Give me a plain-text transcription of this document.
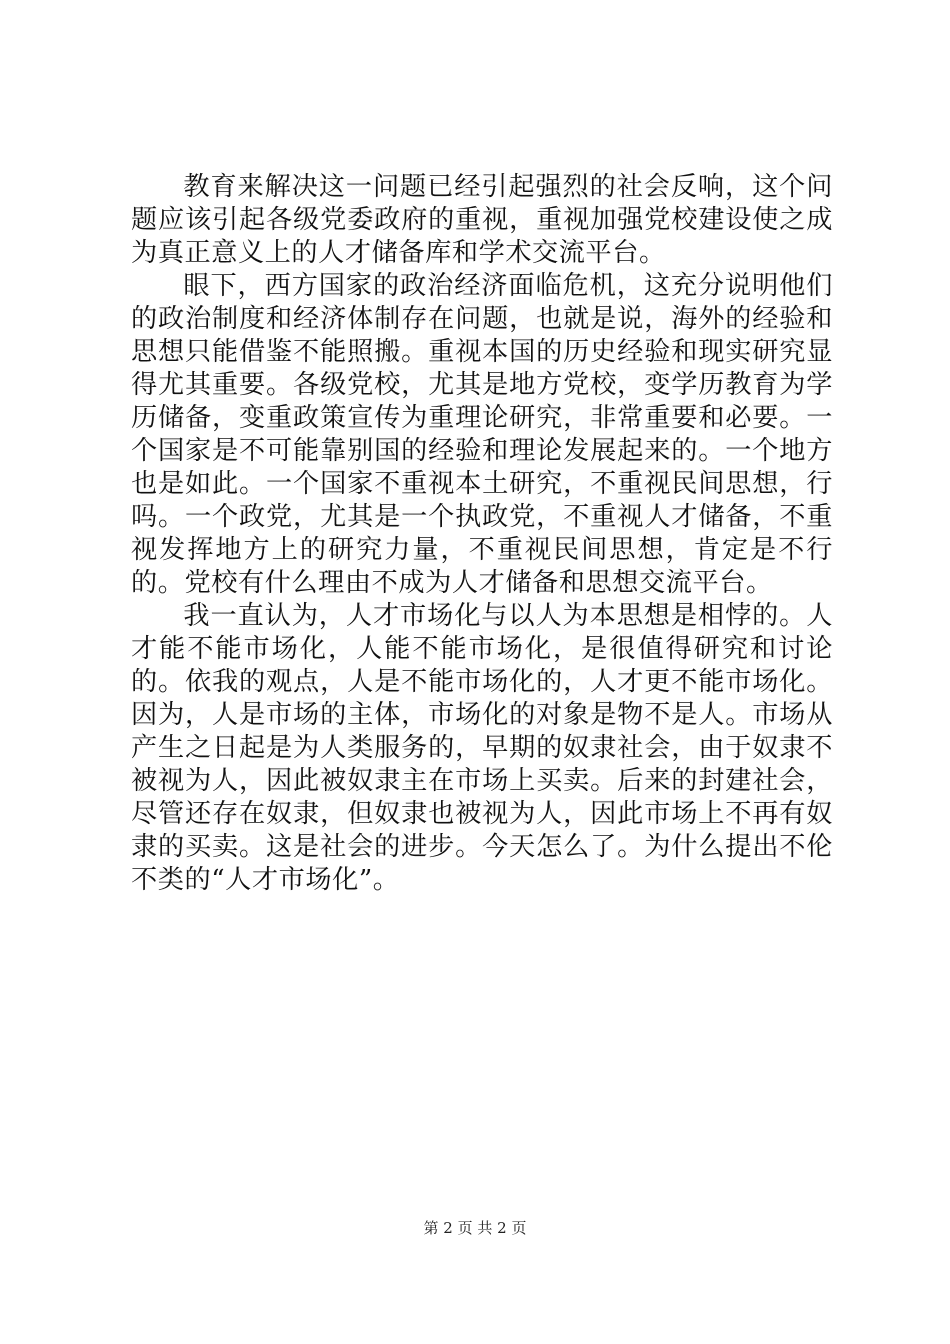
教育来解决这一问题已经引起强烈的社会反响，这个问题应该引起各级党委政府的重视，重视加强党校建设使之成为真正意义上的人才储备库和学术交流平台。

眼下，西方国家的政治经济面临危机，这充分说明他们的政治制度和经济体制存在问题，也就是说，海外的经验和思想只能借鉴不能照搬。重视本国的历史经验和现实研究显得尤其重要。各级党校，尤其是地方党校，变学历教育为学历储备，变重政策宣传为重理论研究，非常重要和必要。一个国家是不可能靠别国的经验和理论发展起来的。一个地方也是如此。一个国家不重视本土研究，不重视民间思想，行吗。一个政党，尤其是一个执政党，不重视人才储备，不重视发挥地方上的研究力量，不重视民间思想，肯定是不行的。党校有什么理由不成为人才储备和思想交流平台。

我一直认为，人才市场化与以人为本思想是相悖的。人才能不能市场化，人能不能市场化，是很值得研究和讨论的。依我的观点，人是不能市场化的，人才更不能市场化。因为，人是市场的主体，市场化的对象是物不是人。市场从产生之日起是为人类服务的，早期的奴隶社会，由于奴隶不被视为人，因此被奴隶主在市场上买卖。后来的封建社会，尽管还存在奴隶，但奴隶也被视为人，因此市场上不再有奴隶的买卖。这是社会的进步。今天怎么了。为什么提出不伦不类的“人才市场化”。

第 2 页 共 2 页
